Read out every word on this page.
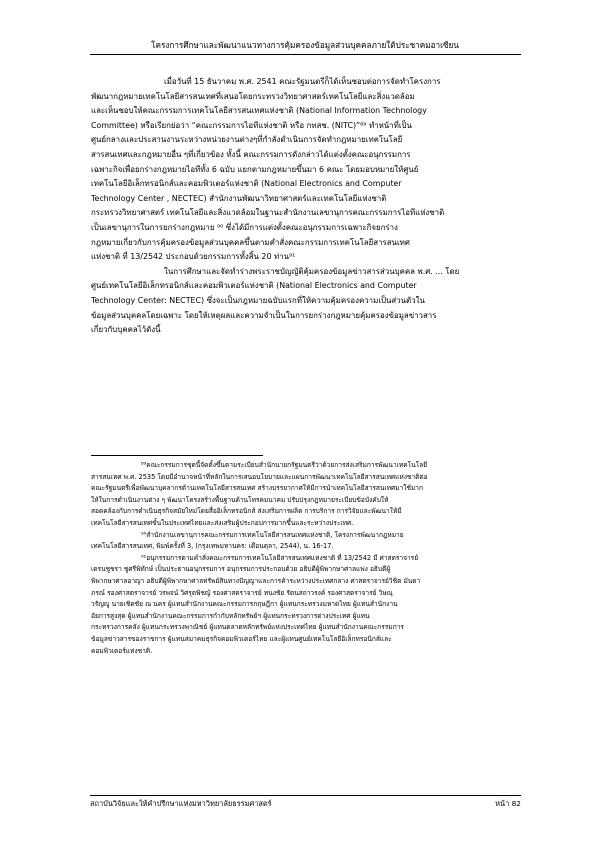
โครงการศึกษาและพัฒนาแนวทางการคุ้มครองข้อมูลส่วนบุคคลภายใต้ประชาคมอาเซียน
เมื่อวันที่ 15 ธันวาคม พ.ศ. 2541 คณะรัฐมนตรีก็ได้เห็นชอบต่อการจัดทำโครงการ
พัฒนากฎหมายเทคโนโลยีสารสนเทศที่เสนอโดยกระทรวงวิทยาศาสตร์เทคโนโลยีและสิ่งแวดล้อม
และเห็นชอบให้คณะกรรมการเทคโนโลยีสารสนเทศแห่งชาติ (National Information Technology
Committee) หรือเรียกย่อว่า “คณะกรรมการไอทีแห่งชาติ หรือ กทสช. (NITC)”⁸⁹ ทำหน้าที่เป็น
ศูนย์กลางและประสานงานระหว่างหน่วยงานต่างๆที่กำลังดำเนินการจัดทำกฎหมายเทคโนโลยี
สารสนเทศและกฎหมายอื่น ๆที่เกี่ยวข้อง ทั้งนี้ คณะกรรมการดังกล่าวได้แต่งตั้งคณะอนุกรรมการ
เฉพาะกิจเพื่อยกร่างกฎหมายไอทีทั้ง 6 ฉบับ แยกตามกฎหมายขึ้นมา 6 คณะ โดยมอบหมายให้ศูนย์
เทคโนโลยีอิเล็กทรอนิกส์และคอมพิวเตอร์แห่งชาติ (National Electronics and Computer
Technology Center , NECTEC) สำนักงานพัฒนาวิทยาศาสตร์และเทคโนโลยีแห่งชาติ
กระทรวงวิทยาศาสตร์ เทคโนโลยีและสิ่งแวดล้อมในฐานะสำนักงานเลขานุการคณะกรรมการไอทีแห่งชาติ
เป็นเลขานุการในการยกร่างกฎหมาย ⁹⁰ ซึ่งได้มีการแต่งตั้งคณะอนุกรรมการเฉพาะกิจยกร่าง
กฎหมายเกี่ยวกับการคุ้มครองข้อมูลส่วนบุคคลขึ้นตามคำสั่งคณะกรรมการเทคโนโลยีสารสนเทศ
แห่งชาติ ที่ 13/2542 ประกอบด้วยกรรมการทั้งสิ้น 20 ท่าน⁹¹
ในการศึกษาและจัดทำร่างพระราชบัญญัติคุ้มครองข้อมูลข่าวสารส่วนบุคคล พ.ศ. ... โดย
ศูนย์เทคโนโลยีอิเล็กทรอนิกส์และคอมพิวเตอร์แห่งชาติ (National Electronics and Computer
Technology Center: NECTEC) ซึ่งจะเป็นกฎหมายฉบับแรกที่ให้ความคุ้มครองความเป็นส่วนตัวใน
ข้อมูลส่วนบุคคลโดยเฉพาะ โดยให้เหตุผลและความจำเป็นในการยกร่างกฎหมายคุ้มครองข้อมูลข่าวสาร
เกี่ยวกับบุคคลไว้ดังนี้
⁸⁹คณะกรรมการชุดนี้จัดตั้งขึ้นตามระเบียบสำนักนายกรัฐมนตรีว่าด้วยการส่งเสริมการพัฒนาเทคโนโลยี
สารสนเทศ พ.ศ. 2535 โดยมีอำนาจหน้าที่หลักในการเสนอนโยบายและแผนการพัฒนาเทคโนโลยีสารสนเทศแห่งชาติต่อ
คณะรัฐมนตรีเพื่อพัฒนาบุคลากรด้านเทคโนโลยีสารสนเทศ สร้างบรรยากาศให้มีการนำเทคโนโลยีสารสนเทศมาใช้มาก
ให้ในการดำเนินงานต่าง ๆ พัฒนาโครงสร้างพื้นฐานด้านโทรคมนาคม ปรับปรุงกฎหมายระเบียบข้อบังคับให้
สอดคล้องกับการดำเนินธุรกิจสมัยใหม่โดยสื่ออิเล็กทรอนิกส์ ส่งเสริมการผลิต การบริการ การวิจัยและพัฒนาให้มี
เทคโนโลยีสารสนเทศขั้นในประเทศไทยและส่งเสริมผู้ประกอบการมากขึ้นและระหว่างประเทศ.
⁹⁰สำนักงานเลขานุการคณะกรรมการเทคโนโลยีสารสนเทศแห่งชาติ, โครงการพัฒนากฎหมาย
เทคโนโลยีสารสนเทศ, พิมพ์ครั้งที่ 3, (กรุงเทพมหานคร: เดือนตุลา, 2544), น. 16-17.
⁹¹อนุกรรมการตามคำสั่งคณะกรรมการเทคโนโลยีสารสนเทศแห่งชาติ ที่ 13/2542 มี ศาสตราจารย์
เดรนชูชรา ชูศรีพิทักษ์ เป็นประธานอนุกรรมการ อนุกรรมการประกอบด้วย อธิบดีผู้พิพากษาศาลแพ่ง อธิบดีผู้
พิพากษาศาลอาญา อธิบดีผู้พิพากษาศาลทรัพย์สินทางปัญญาและการค้าระหว่างประเทศกลาง ศาสตราจารย์วิชิต มันดา
ภรณ์ รองศาสตราจารย์ วรพจน์ วิศรุตพิชญ์ รองศาสตราจารย์ ทนงชัย รัตนสถาวรงค์ รองศาสตราจารย์ วิษณุ
วรัญญู นายเชิดชัย ณ นคร ผู้แทนสำนักงานคณะกรรมการกฤษฎีกา ผู้แทนกระทรวงมหาดไทย ผู้แทนสำนักงาน
อัยการสูงสุด ผู้แทนสำนักงานคณะกรรมการกำกับหลักทรัพย์ฯ ผู้แทนกระทรวงการต่างประเทศ ผู้แทน
กระทรวงการคลัง ผู้แทนกระทรวงพาณิชย์ ผู้แทนตลาดหลักทรัพย์แห่งประเทศไทย ผู้แทนสำนักงานคณะกรรมการ
ข้อมูลข่าวสารของราชการ ผู้แทนสมาคมธุรกิจคอมพิวเตอร์ไทย และผู้แทนศูนย์เทคโนโลยีอิเล็กทรอนิกส์และ
คอมพิวเตอร์แห่งชาติ.
สถาบันวิจัยและให้คำปรึกษาแห่งมหาวิทยาลัยธรรมศาสตร์	หน้า 82
